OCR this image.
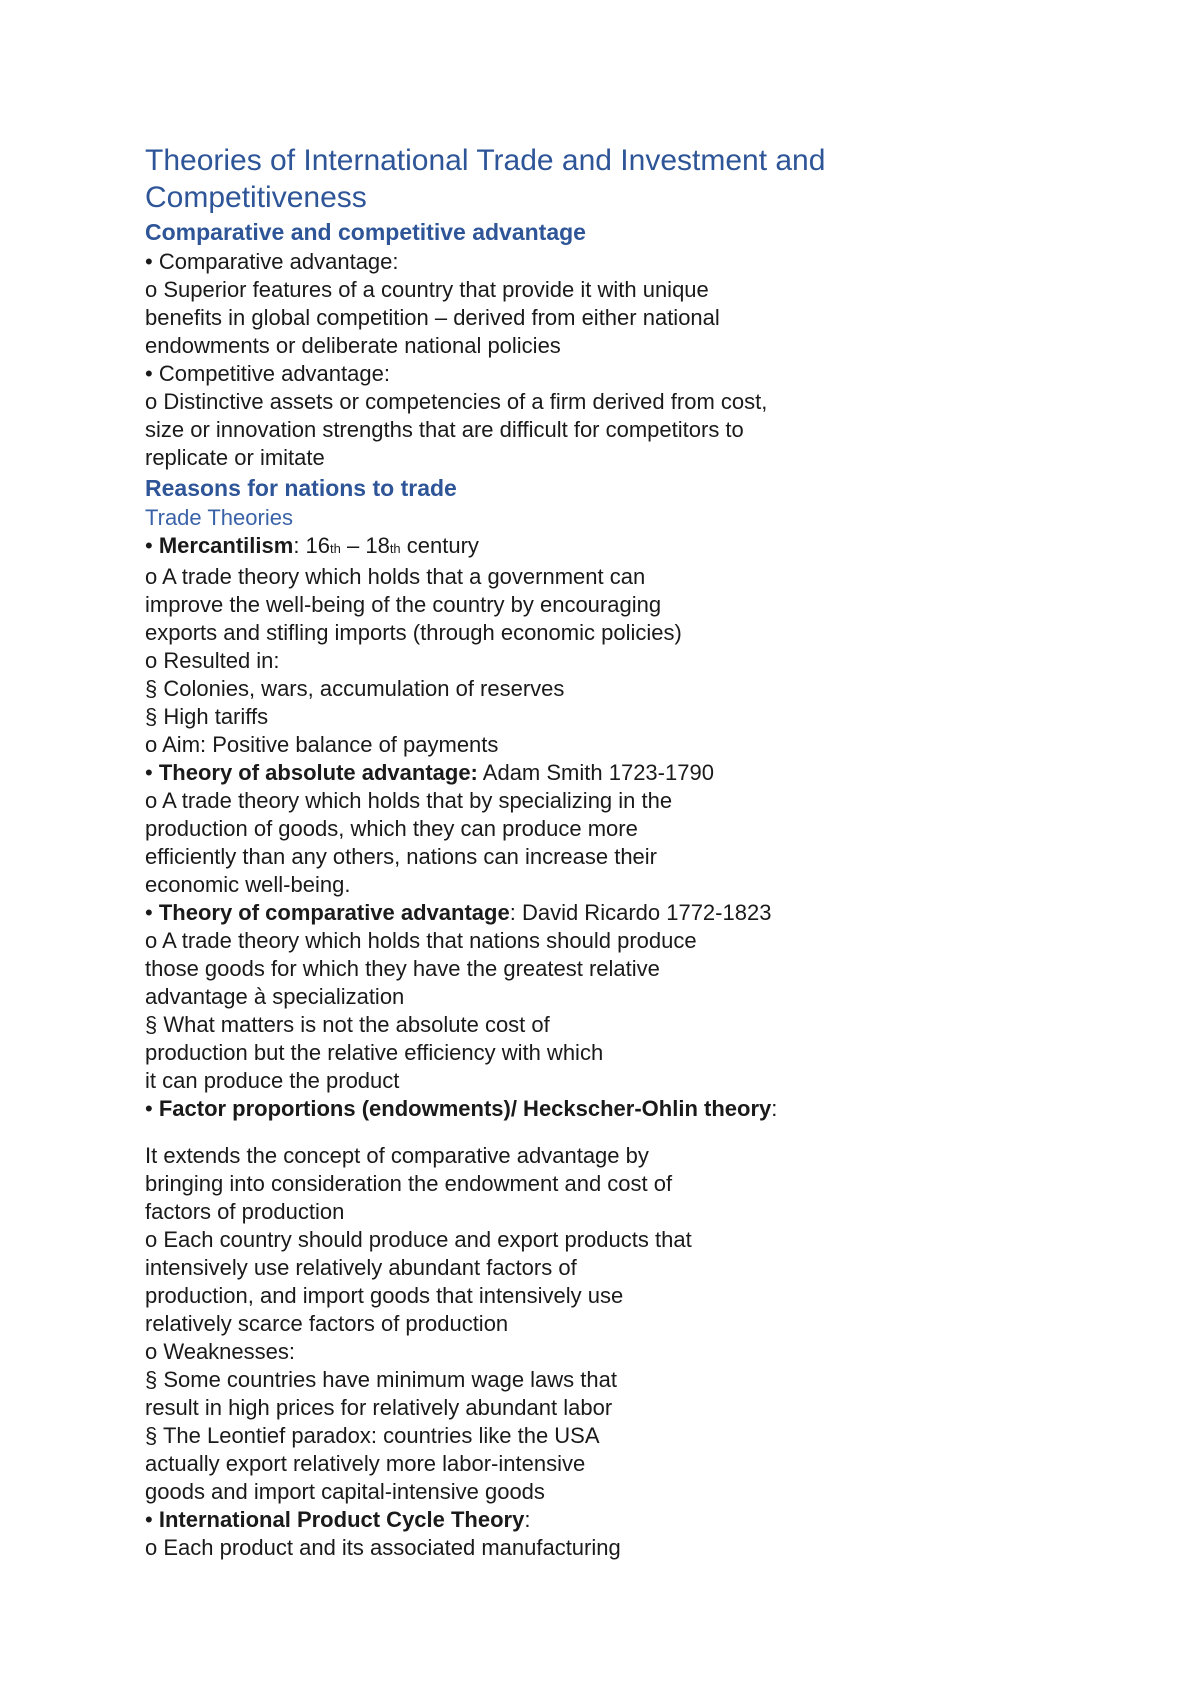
Theories of International Trade and Investment and

Competitiveness

Comparative and competitive advantage

• Comparative advantage:

o Superior features of a country that provide it with unique

benefits in global competition – derived from either national

endowments or deliberate national policies

• Competitive advantage:

o Distinctive assets or competencies of a firm derived from cost,

size or innovation strengths that are difficult for competitors to

replicate or imitate

Reasons for nations to trade

Trade Theories

• Mercantilism: 16th – 18th century

o A trade theory which holds that a government can

improve the well-being of the country by encouraging

exports and stifling imports (through economic policies)

o Resulted in:

§ Colonies, wars, accumulation of reserves

§ High tariffs

o Aim: Positive balance of payments

• Theory of absolute advantage: Adam Smith 1723-1790

o A trade theory which holds that by specializing in the

production of goods, which they can produce more

efficiently than any others, nations can increase their

economic well-being.

• Theory of comparative advantage: David Ricardo 1772-1823

o A trade theory which holds that nations should produce

those goods for which they have the greatest relative

advantage à specialization

§ What matters is not the absolute cost of

production but the relative efficiency with which

it can produce the product

• Factor proportions (endowments)/ Heckscher-Ohlin theory:

It extends the concept of comparative advantage by

bringing into consideration the endowment and cost of

factors of production

o Each country should produce and export products that

intensively use relatively abundant factors of

production, and import goods that intensively use

relatively scarce factors of production

o Weaknesses:

§ Some countries have minimum wage laws that

result in high prices for relatively abundant labor

§ The Leontief paradox: countries like the USA

actually export relatively more labor-intensive

goods and import capital-intensive goods

• International Product Cycle Theory:

o Each product and its associated manufacturing
